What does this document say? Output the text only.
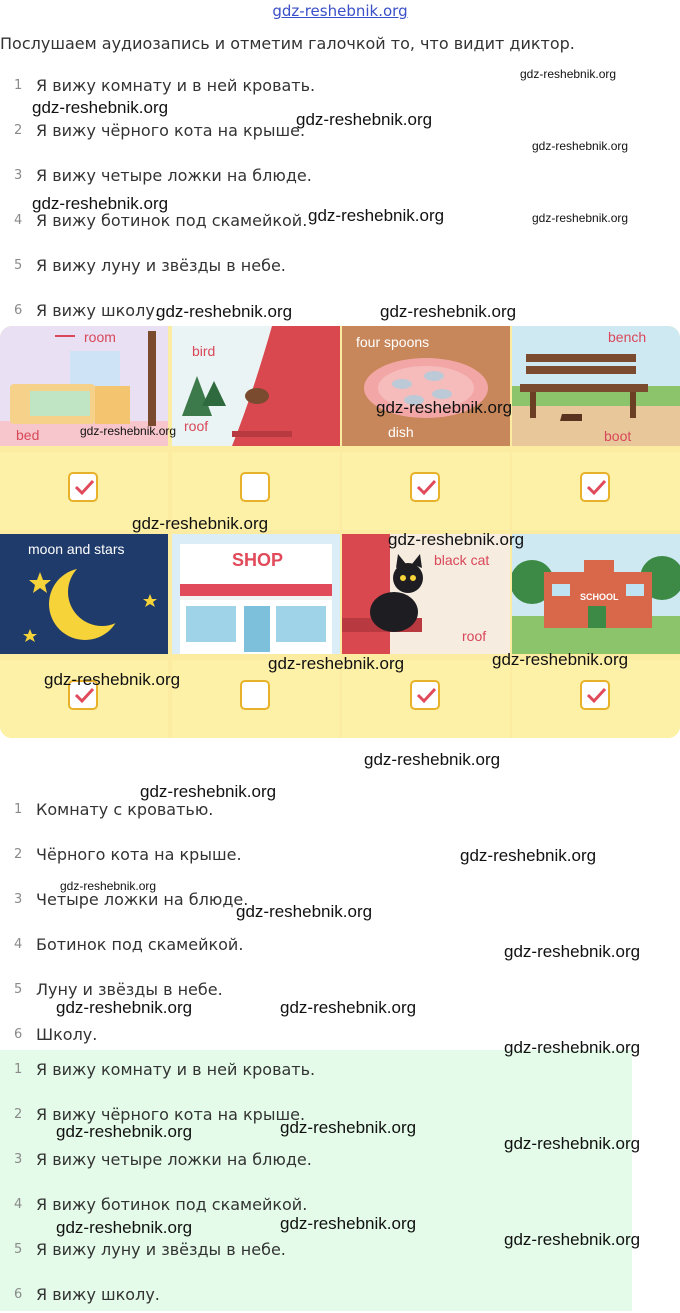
gdz-reshebnik.org
Послушаем аудиозапись и отметим галочкой то, что видит диктор.
1 Я вижу комнату и в ней кровать.
2 Я вижу чёрного кота на крыше.
3 Я вижу четыре ложки на блюде.
4 Я вижу ботинок под скамейкой.
5 Я вижу луну и звёзды в небе.
6 Я вижу школу.
room
bed
bird
roof
four spoons
dish
bench
boot
moon and stars
SHOP	black cat
roof
SCHOOL
1 Комнату с кроватью.
2 Чёрного кота на крыше.
3 Четыре ложки на блюде.
4 Ботинок под скамейкой.
5 Луну и звёзды в небе.
6 Школу.
1 Я вижу комнату и в ней кровать.
2 Я вижу чёрного кота на крыше.
3 Я вижу четыре ложки на блюде.
4 Я вижу ботинок под скамейкой.
5 Я вижу луну и звёзды в небе.
6 Я вижу школу.
gdz-reshebnik.org
gdz-reshebnik.org
gdz-reshebnik.org
gdz-reshebnik.org
gdz-reshebnik.org
gdz-reshebnik.org	gdz-reshebnik.org
gdz-reshebnik.org	gdz-reshebnik.org
gdz-reshebnik.org
gdz-reshebnik.org
gdz-reshebnik.org
gdz-reshebnik.org
gdz-reshebnik.org	gdz-reshebnik.org
gdz-reshebnik.org
gdz-reshebnik.org
gdz-reshebnik.org
gdz-reshebnik.org
gdz-reshebnik.org
gdz-reshebnik.org
gdz-reshebnik.org
gdz-reshebnik.org	gdz-reshebnik.org
gdz-reshebnik.org
gdz-reshebnik.org	gdz-reshebnik.org
gdz-reshebnik.org
gdz-reshebnik.org	gdz-reshebnik.org
gdz-reshebnik.org
